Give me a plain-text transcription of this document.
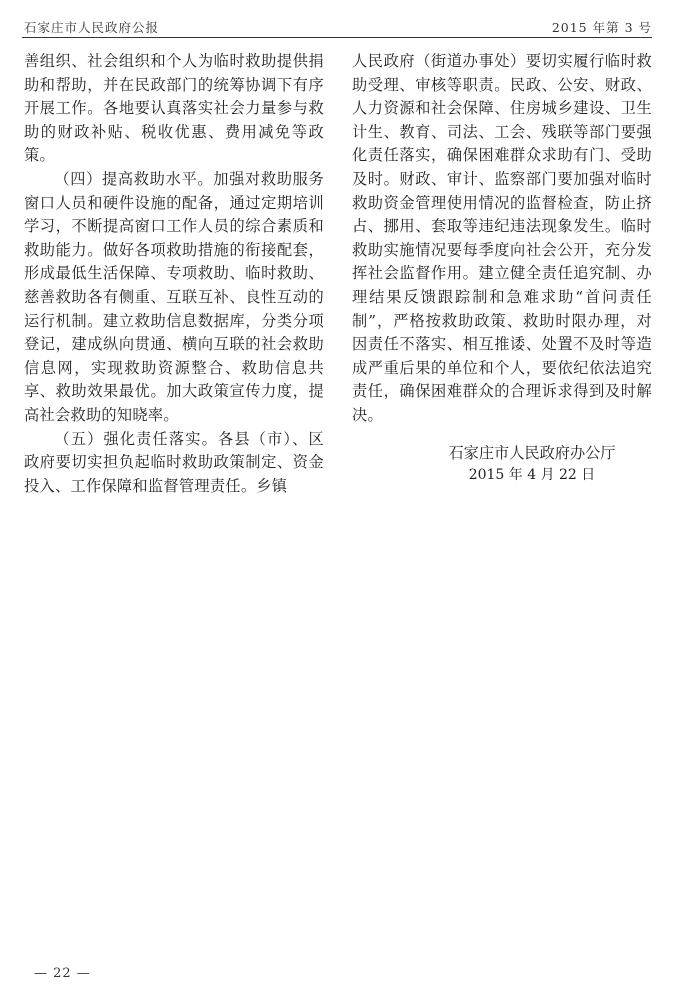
石家庄市人民政府公报	2015 年第 3 号

善组织、社会组织和个人为临时救助提供捐助和帮助，并在民政部门的统筹协调下有序开展工作。各地要认真落实社会力量参与救助的财政补贴、税收优惠、费用减免等政策。

（四）提高救助水平。加强对救助服务窗口人员和硬件设施的配备，通过定期培训学习，不断提高窗口工作人员的综合素质和救助能力。做好各项救助措施的衔接配套，形成最低生活保障、专项救助、临时救助、慈善救助各有侧重、互联互补、良性互动的运行机制。建立救助信息数据库，分类分项登记，建成纵向贯通、横向互联的社会救助信息网，实现救助资源整合、救助信息共享、救助效果最优。加大政策宣传力度，提高社会救助的知晓率。

（五）强化责任落实。各县（市）、区政府要切实担负起临时救助政策制定、资金投入、工作保障和监督管理责任。乡镇

人民政府（街道办事处）要切实履行临时救助受理、审核等职责。民政、公安、财政、人力资源和社会保障、住房城乡建设、卫生计生、教育、司法、工会、残联等部门要强化责任落实，确保困难群众求助有门、受助及时。财政、审计、监察部门要加强对临时救助资金管理使用情况的监督检查，防止挤占、挪用、套取等违纪违法现象发生。临时救助实施情况要每季度向社会公开，充分发挥社会监督作用。建立健全责任追究制、办理结果反馈跟踪制和急难求助“首问责任制”，严格按救助政策、救助时限办理，对因责任不落实、相互推诿、处置不及时等造成严重后果的单位和个人，要依纪依法追究责任，确保困难群众的合理诉求得到及时解决。

石家庄市人民政府办公厅
2015 年 4 月 22 日
— 22 —
